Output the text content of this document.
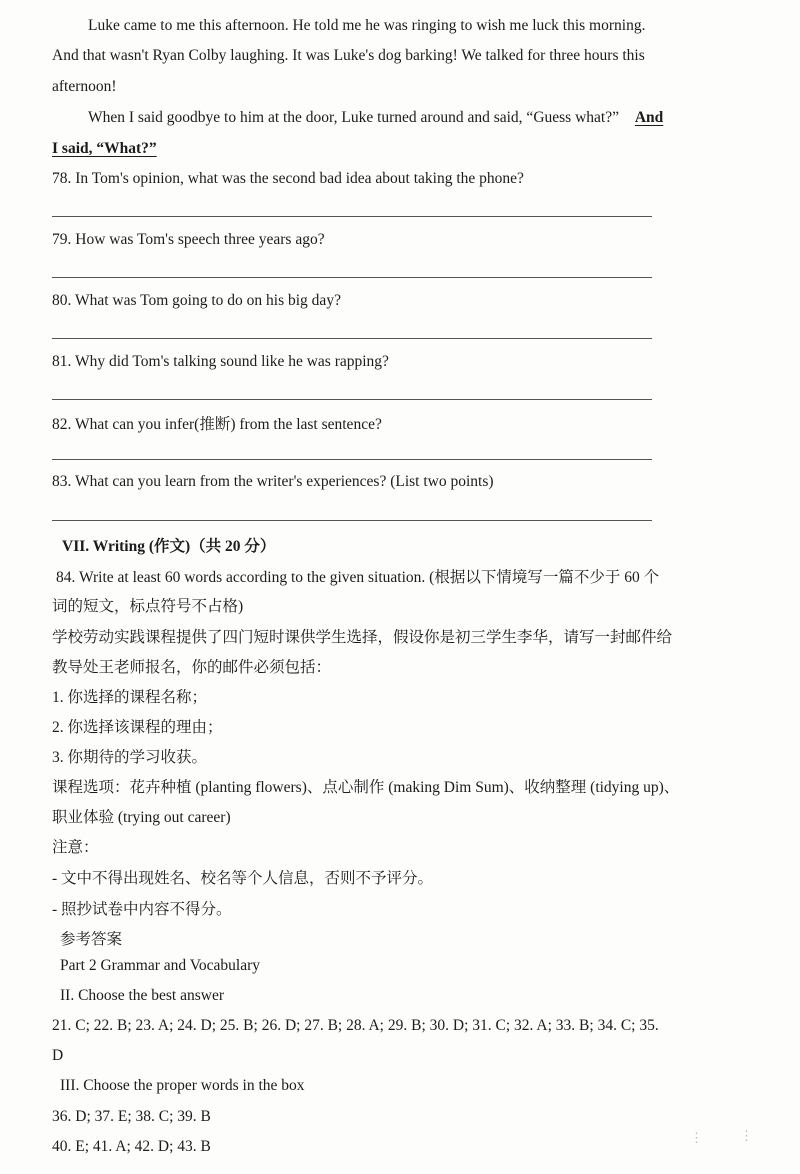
Luke came to me this afternoon. He told me he was ringing to wish me luck this morning.
And that wasn't Ryan Colby laughing. It was Luke's dog barking! We talked for three hours this
afternoon!
When I said goodbye to him at the door, Luke turned around and said, “Guess what?” And
I said, “What?”
78. In Tom's opinion, what was the second bad idea about taking the phone?
79. How was Tom's speech three years ago?
80. What was Tom going to do on his big day?
81. Why did Tom's talking sound like he was rapping?
82. What can you infer(推断) from the last sentence?
83. What can you learn from the writer's experiences? (List two points)
VII. Writing (作文)（共 20 分）
84. Write at least 60 words according to the given situation. (根据以下情境写一篇不少于 60 个
词的短文，标点符号不占格)
学校劳动实践课程提供了四门短时课供学生选择，假设你是初三学生李华，请写一封邮件给
教导处王老师报名，你的邮件必须包括：
1. 你选择的课程名称；
2. 你选择该课程的理由；
3. 你期待的学习收获。
课程选项：花卉种植 (planting flowers)、点心制作 (making Dim Sum)、收纳整理 (tidying up)、
职业体验 (trying out career)
注意：
- 文中不得出现姓名、校名等个人信息，否则不予评分。
- 照抄试卷中内容不得分。
参考答案
Part 2 Grammar and Vocabulary
II. Choose the best answer
21. C; 22. B; 23. A; 24. D; 25. B; 26. D; 27. B; 28. A; 29. B; 30. D; 31. C; 32. A; 33. B; 34. C; 35.
D
III. Choose the proper words in the box
36. D; 37. E; 38. C; 39. B
40. E; 41. A; 42. D; 43. B
⋮	⋮
